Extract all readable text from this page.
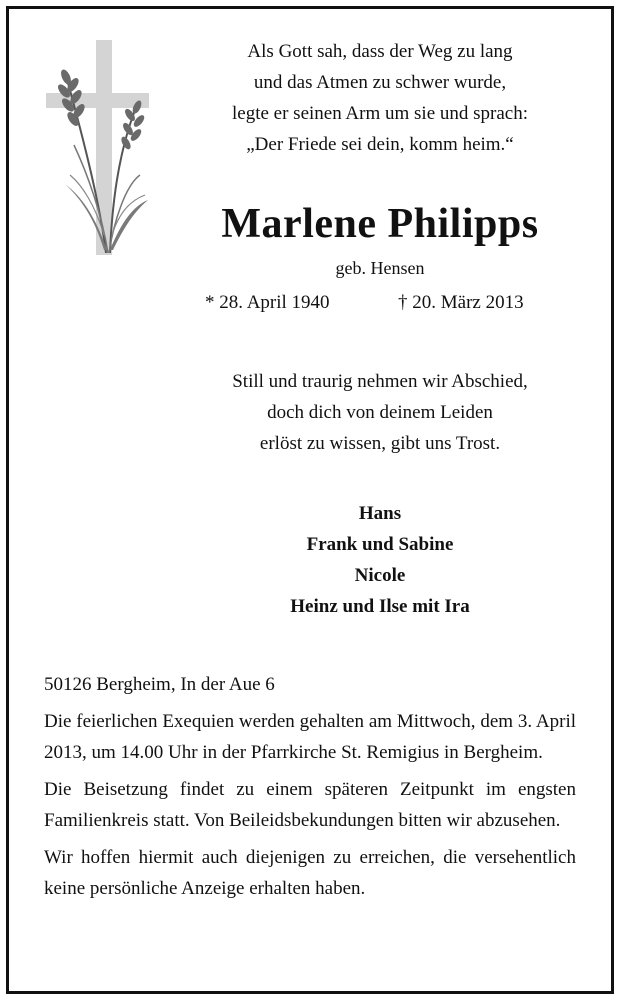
Als Gott sah, dass der Weg zu lang

und das Atmen zu schwer wurde,

legte er seinen Arm um sie und sprach:

„Der Friede sei dein, komm heim.“

Marlene Philipps
geb. Hensen
* 28. April 1940	† 20. März 2013

Still und traurig nehmen wir Abschied,

doch dich von deinem Leiden

erlöst zu wissen, gibt uns Trost.

Hans

Frank und Sabine

Nicole

Heinz und Ilse mit Ira

50126 Bergheim, In der Aue 6

Die feierlichen Exequien werden gehalten am Mittwoch, dem 3. April 2013, um 14.00 Uhr in der Pfarrkirche St. Remigius in Bergheim.

Die Beisetzung findet zu einem späteren Zeitpunkt im engsten Familienkreis statt. Von Beileidsbekundungen bitten wir abzusehen.

Wir hoffen hiermit auch diejenigen zu erreichen, die versehentlich keine persönliche Anzeige erhalten haben.
